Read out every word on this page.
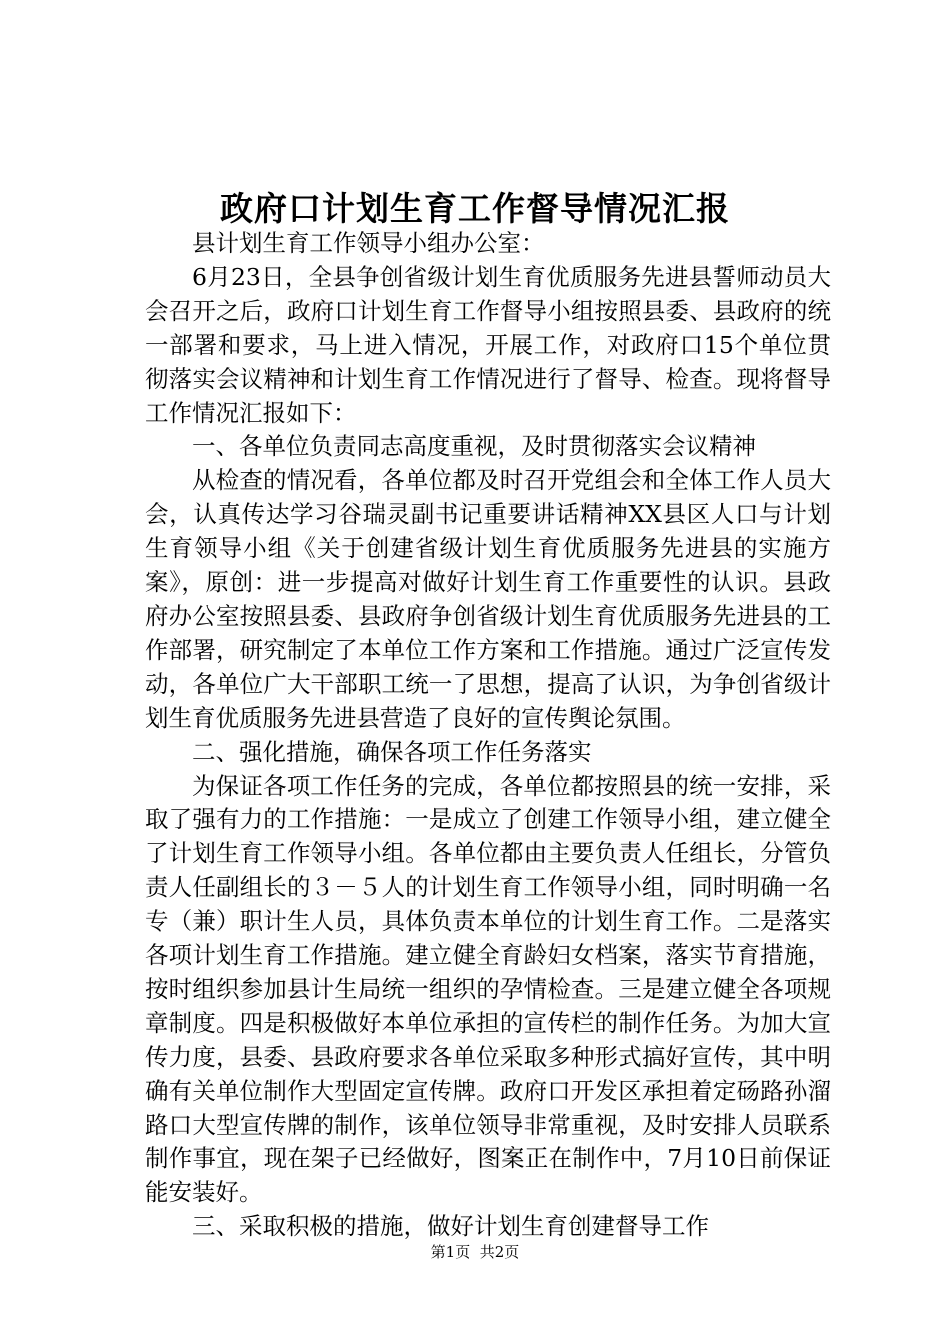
政府口计划生育工作督导情况汇报

县计划生育工作领导小组办公室：

6月23日，全县争创省级计划生育优质服务先进县誓师动员大会召开之后，政府口计划生育工作督导小组按照县委、县政府的统一部署和要求，马上进入情况，开展工作，对政府口15个单位贯彻落实会议精神和计划生育工作情况进行了督导、检查。现将督导工作情况汇报如下：

一、各单位负责同志高度重视，及时贯彻落实会议精神

从检查的情况看，各单位都及时召开党组会和全体工作人员大会，认真传达学习谷瑞灵副书记重要讲话精神XX县区人口与计划生育领导小组《关于创建省级计划生育优质服务先进县的实施方案》，原创：进一步提高对做好计划生育工作重要性的认识。县政府办公室按照县委、县政府争创省级计划生育优质服务先进县的工作部署，研究制定了本单位工作方案和工作措施。通过广泛宣传发动，各单位广大干部职工统一了思想，提高了认识，为争创省级计划生育优质服务先进县营造了良好的宣传舆论氛围。

二、强化措施，确保各项工作任务落实

为保证各项工作任务的完成，各单位都按照县的统一安排，采取了强有力的工作措施：一是成立了创建工作领导小组，建立健全了计划生育工作领导小组。各单位都由主要负责人任组长，分管负责人任副组长的３－５人的计划生育工作领导小组，同时明确一名专（兼）职计生人员，具体负责本单位的计划生育工作。二是落实各项计划生育工作措施。建立健全育龄妇女档案，落实节育措施，按时组织参加县计生局统一组织的孕情检查。三是建立健全各项规章制度。四是积极做好本单位承担的宣传栏的制作任务。为加大宣传力度，县委、县政府要求各单位采取多种形式搞好宣传，其中明确有关单位制作大型固定宣传牌。政府口开发区承担着定砀路孙溜路口大型宣传牌的制作，该单位领导非常重视，及时安排人员联系制作事宜，现在架子已经做好，图案正在制作中，7月10日前保证能安装好。

三、采取积极的措施，做好计划生育创建督导工作

第1页 共2页
